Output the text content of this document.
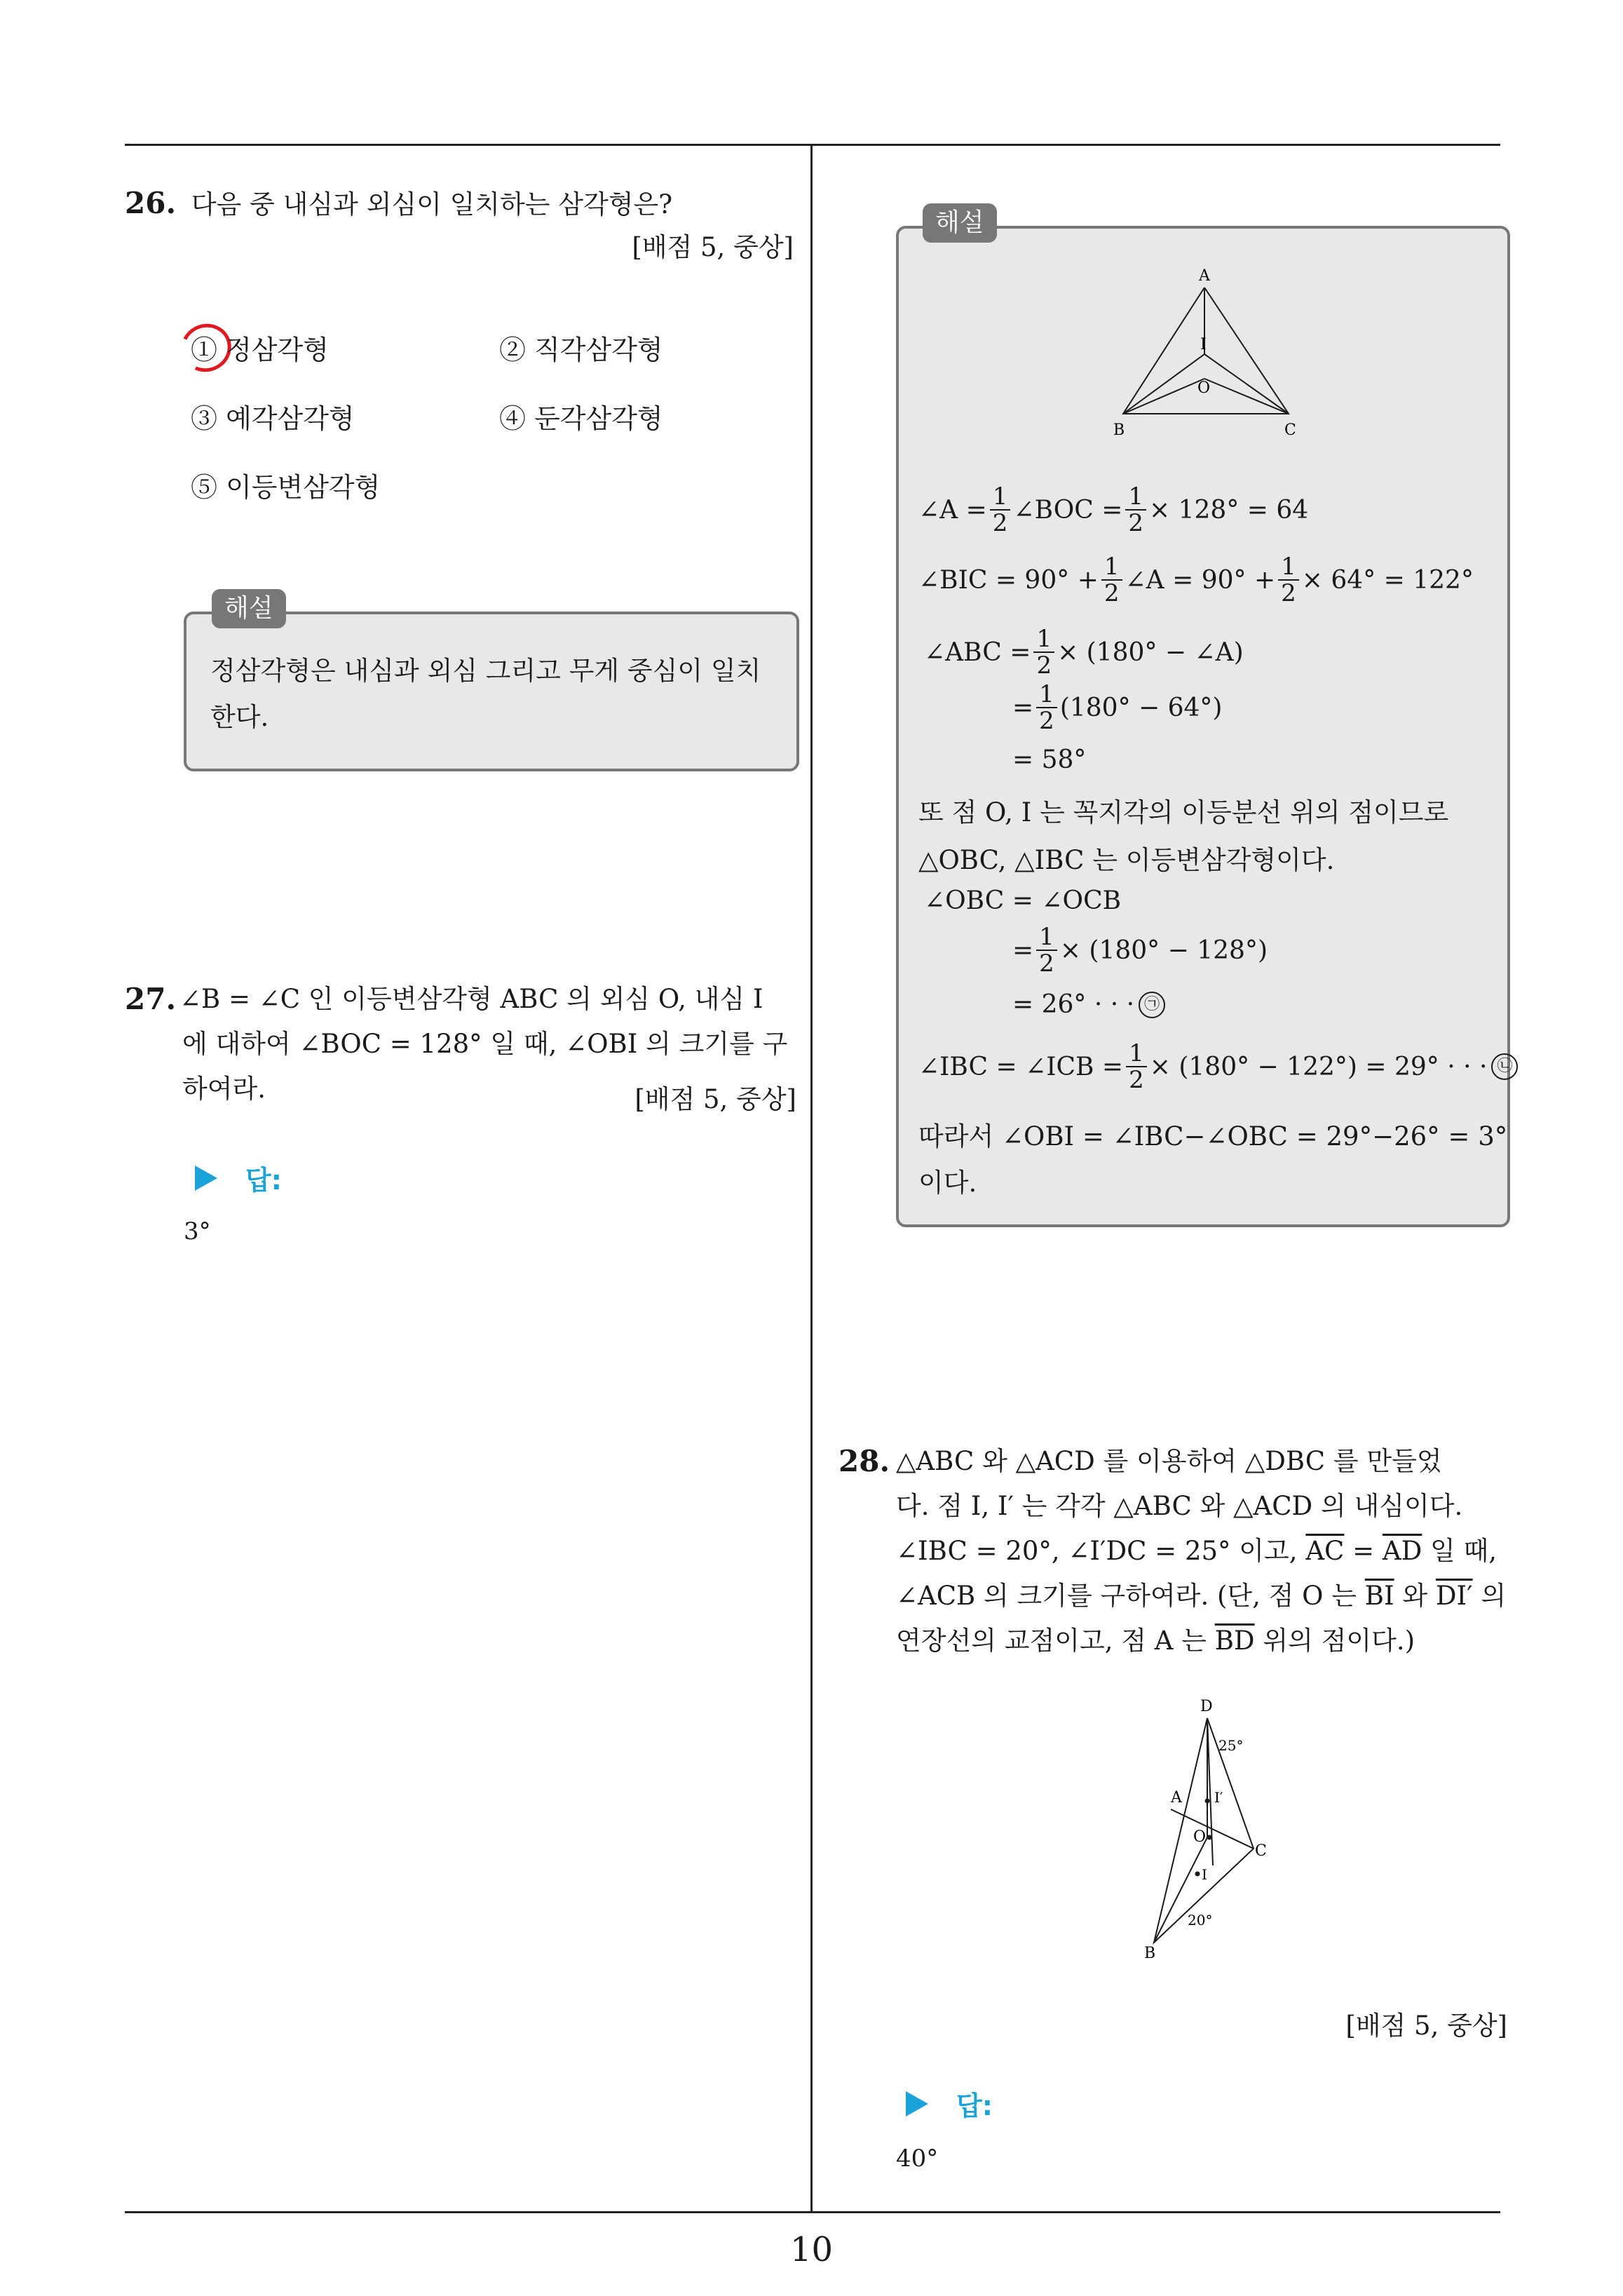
26. 다음 중 내심과 외심이 일치하는 삼각형은?
[배점 5, 중상]
① 정삼각형	② 직각삼각형
③ 예각삼각형	④ 둔각삼각형
⑤ 이등변삼각형
해설
정삼각형은 내심과 외심 그리고 무게 중심이 일치
한다.
27. ∠B = ∠C 인 이등변삼각형 ABC 의 외심 O, 내심 I
에 대하여 ∠BOC = 128° 일 때, ∠OBI 의 크기를 구
하여라.	[배점 5, 중상]
답:
3°
해설
A
I
O
B	C
∠A = $\frac{1}{2}$ ∠BOC = $\frac{1}{2} \times 128^\circ = 64$
∠BIC = $90^\circ + \frac{1}{2}$ ∠A = $90^\circ + \frac{1}{2} \times 64^\circ = 122^\circ$
∠ABC = $\frac{1}{2} \times (180^\circ$ − ∠A)
= $\frac{1}{2} (180^\circ - 64^\circ)$
= 58°
또 점 O, I 는 꼭지각의 이등분선 위의 점이므로
△OBC, △IBC 는 이등변삼각형이다.
∠OBC = ∠OCB
= $\frac{1}{2} \times (180^\circ - 128^\circ)$
= 26° · · · ㉠
∠IBC = ∠ICB = $\frac{1}{2} \times (180^\circ - 122^\circ) = 29^\circ$ · · · ㉡
따라서 ∠OBI = ∠IBC−∠OBC = 29°−26° = 3°
이다.
28. △ABC 와 △ACD 를 이용하여 △DBC 를 만들었
다. 점 I, I′ 는 각각 △ABC 와 △ACD 의 내심이다.
∠IBC = 20°, ∠I′DC = 25° 이고, $\overline{AC} = \overline{AD}$ 일 때,
∠ACB 의 크기를 구하여라. (단, 점 O 는 $\overline{BI}$ 와 DI′ 의
연장선의 교점이고, 점 A 는 $\overline{BD}$ 위의 점이다.)
D
25°
A I′
O
C
I
20°
B
[배점 5, 중상]
답:
40°
10
